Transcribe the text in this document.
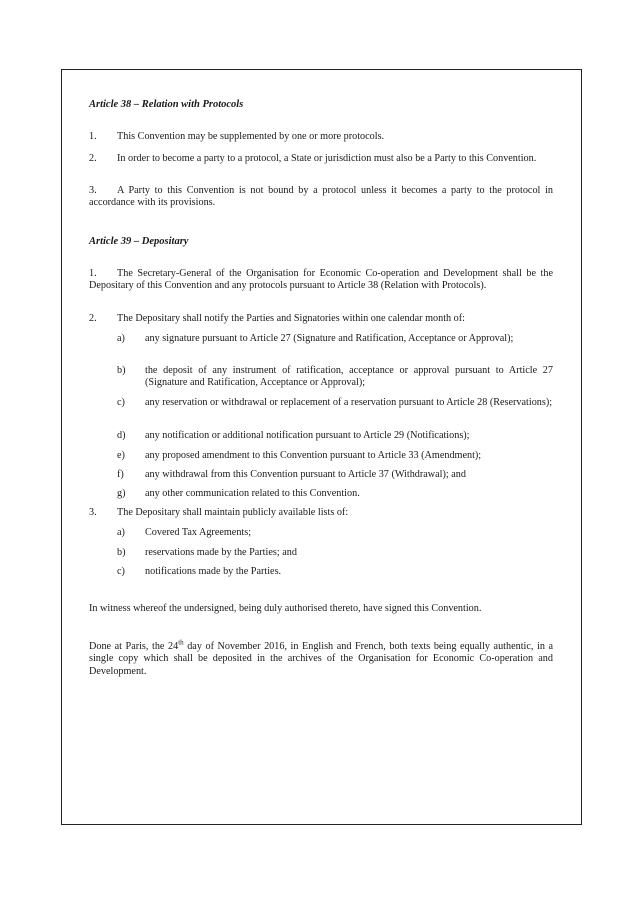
Article 38 – Relation with Protocols
1. This Convention may be supplemented by one or more protocols.
2. In order to become a party to a protocol, a State or jurisdiction must also be a Party to this Convention.
3. A Party to this Convention is not bound by a protocol unless it becomes a party to the protocol in accordance with its provisions.
Article 39 – Depositary
1. The Secretary-General of the Organisation for Economic Co-operation and Development shall be the Depositary of this Convention and any protocols pursuant to Article 38 (Relation with Protocols).
2. The Depositary shall notify the Parties and Signatories within one calendar month of:
a) any signature pursuant to Article 27 (Signature and Ratification, Acceptance or Approval);
b) the deposit of any instrument of ratification, acceptance or approval pursuant to Article 27 (Signature and Ratification, Acceptance or Approval);
c) any reservation or withdrawal or replacement of a reservation pursuant to Article 28 (Reservations);
d) any notification or additional notification pursuant to Article 29 (Notifications);
e) any proposed amendment to this Convention pursuant to Article 33 (Amendment);
f) any withdrawal from this Convention pursuant to Article 37 (Withdrawal); and
g) any other communication related to this Convention.
3. The Depositary shall maintain publicly available lists of:
a) Covered Tax Agreements;
b) reservations made by the Parties; and
c) notifications made by the Parties.
In witness whereof the undersigned, being duly authorised thereto, have signed this Convention.
Done at Paris, the 24th day of November 2016, in English and French, both texts being equally authentic, in a single copy which shall be deposited in the archives of the Organisation for Economic Co-operation and Development.
